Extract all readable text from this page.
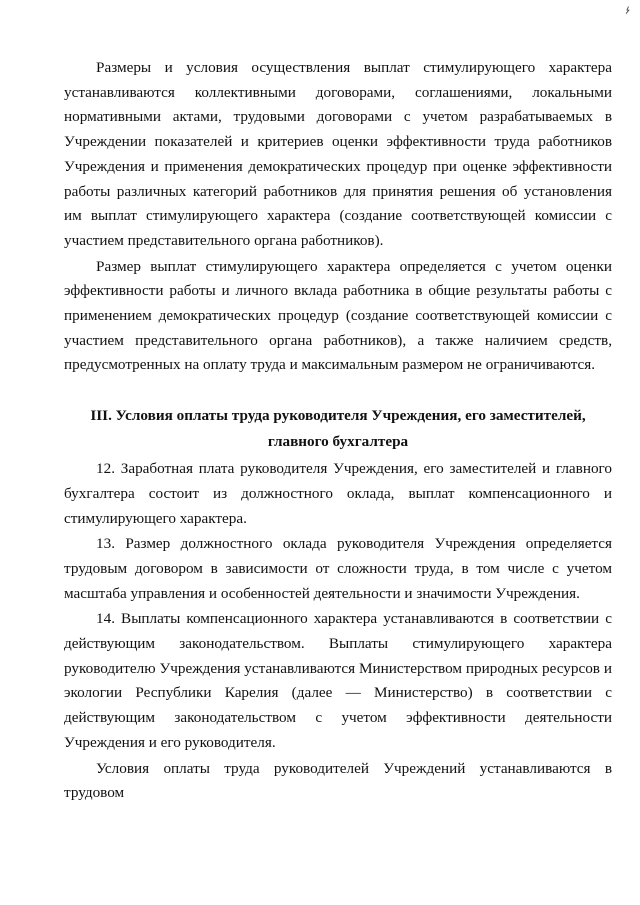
Размеры и условия осуществления выплат стимулирующего характера устанавливаются коллективными договорами, соглашениями, локальными нормативными актами, трудовыми договорами с учетом разрабатываемых в Учреждении показателей и критериев оценки эффективности труда работников Учреждения и применения демократических процедур при оценке эффективности работы различных категорий работников для принятия решения об установления им выплат стимулирующего характера (создание соответствующей комиссии с участием представительного органа работников).

Размер выплат стимулирующего характера определяется с учетом оценки эффективности работы и личного вклада работника в общие результаты работы с применением демократических процедур (создание соответствующей комиссии с участием представительного органа работников), а также наличием средств, предусмотренных на оплату труда и максимальным размером не ограничиваются.

III. Условия оплаты труда руководителя Учреждения, его заместителей,
главного бухгалтера

12. Заработная плата руководителя Учреждения, его заместителей и главного бухгалтера состоит из должностного оклада, выплат компенсационного и стимулирующего характера.

13. Размер должностного оклада руководителя Учреждения определяется трудовым договором в зависимости от сложности труда, в том числе с учетом масштаба управления и особенностей деятельности и значимости Учреждения.

14. Выплаты компенсационного характера устанавливаются в соответствии с действующим законодательством. Выплаты стимулирующего характера руководителю Учреждения устанавливаются Министерством природных ресурсов и экологии Республики Карелия (далее — Министерство) в соответствии с действующим законодательством с учетом эффективности деятельности Учреждения и его руководителя.

Условия оплаты труда руководителей Учреждений устанавливаются в трудовом
